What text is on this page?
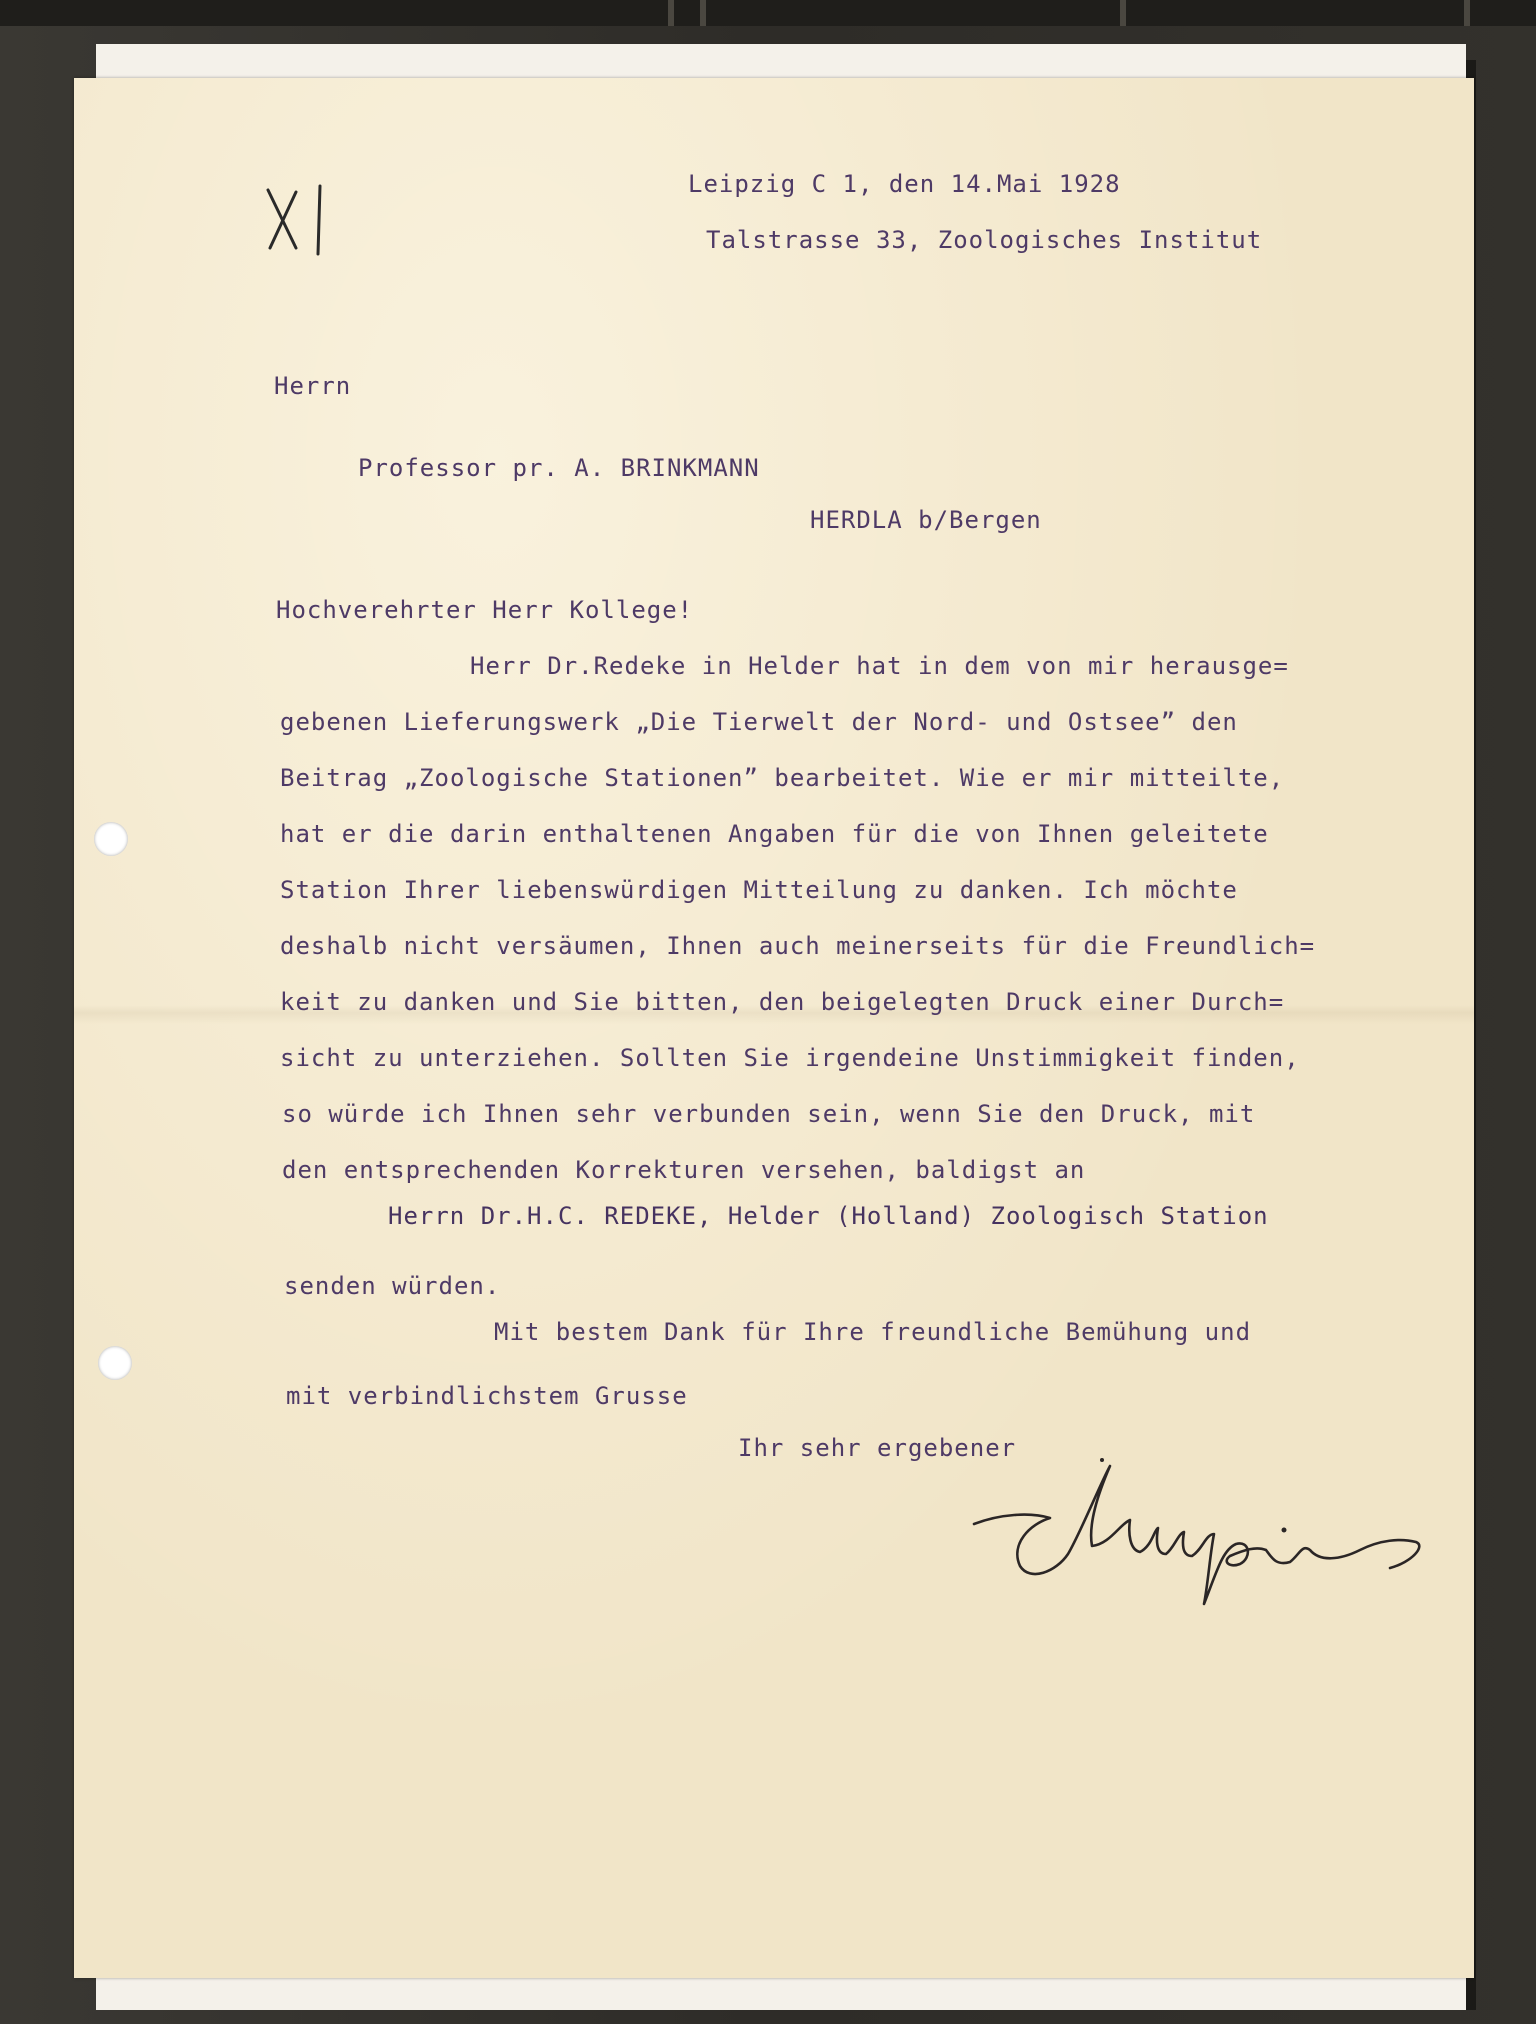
Leipzig C 1, den 14.Mai 1928
Talstrasse 33, Zoologisches Institut
Herrn
Professor pr. A. BRINKMANN
HERDLA b/Bergen
Hochverehrter Herr Kollege!
Herr Dr.Redeke in Helder hat in dem von mir herausge=
gebenen Lieferungswerk „Die Tierwelt der Nord- und Ostsee” den
Beitrag „Zoologische Stationen” bearbeitet. Wie er mir mitteilte,
hat er die darin enthaltenen Angaben für die von Ihnen geleitete
Station Ihrer liebenswürdigen Mitteilung zu danken. Ich möchte
deshalb nicht versäumen, Ihnen auch meinerseits für die Freundlich=
keit zu danken und Sie bitten, den beigelegten Druck einer Durch=
sicht zu unterziehen. Sollten Sie irgendeine Unstimmigkeit finden,
so würde ich Ihnen sehr verbunden sein, wenn Sie den Druck, mit
den entsprechenden Korrekturen versehen, baldigst an
Herrn Dr.H.C. REDEKE, Helder (Holland) Zoologisch Station
senden würden.
Mit bestem Dank für Ihre freundliche Bemühung und
mit verbindlichstem Grusse
Ihr sehr ergebener
